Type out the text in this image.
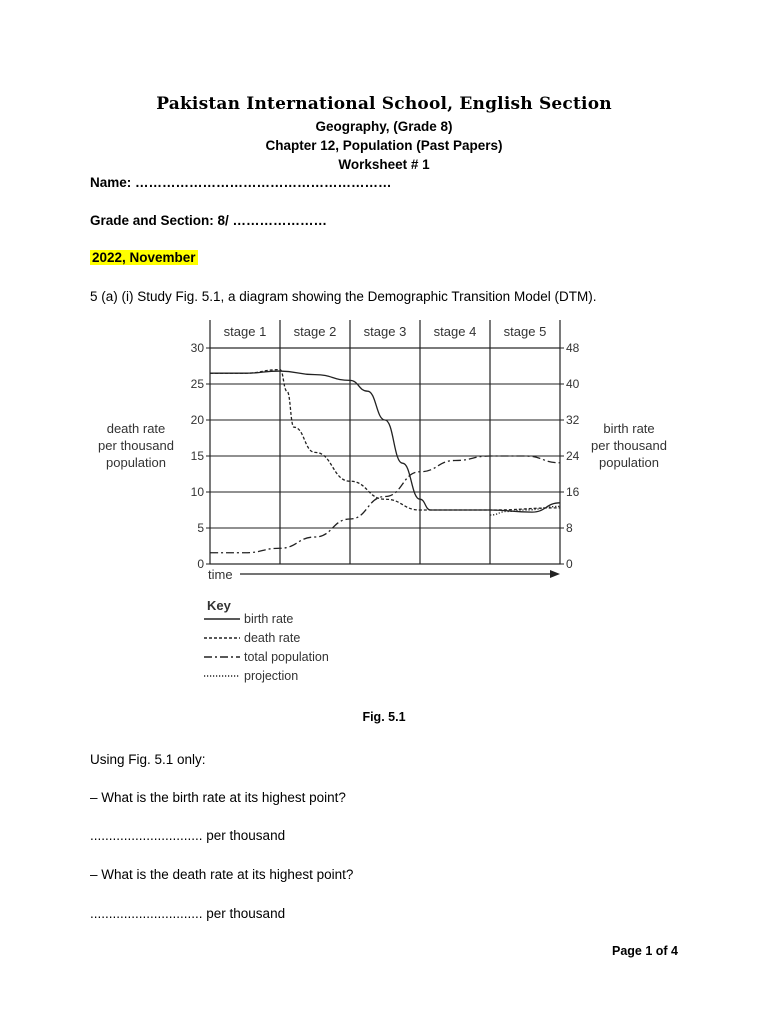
Pakistan International School, English Section
Geography, (Grade 8)
Chapter 12, Population (Past Papers)
Worksheet # 1
Name: …………………………………………………
Grade and Section: 8/ …………………
2022, November
5 (a) (i) Study Fig. 5.1, a diagram showing the Demographic Transition Model (DTM).
stage 1 stage 2 stage 3 stage 4 stage 5
0
5
10
15
20
25
30
0
8
16
24
32
40
48
death rate
per thousand
population
birth rate
per thousand
population
time
Key
birth rate
death rate
total population
projection
Fig. 5.1
Using Fig. 5.1 only:
– What is the birth rate at its highest point?
.............................. per thousand
– What is the death rate at its highest point?
.............................. per thousand
Page 1 of 4
